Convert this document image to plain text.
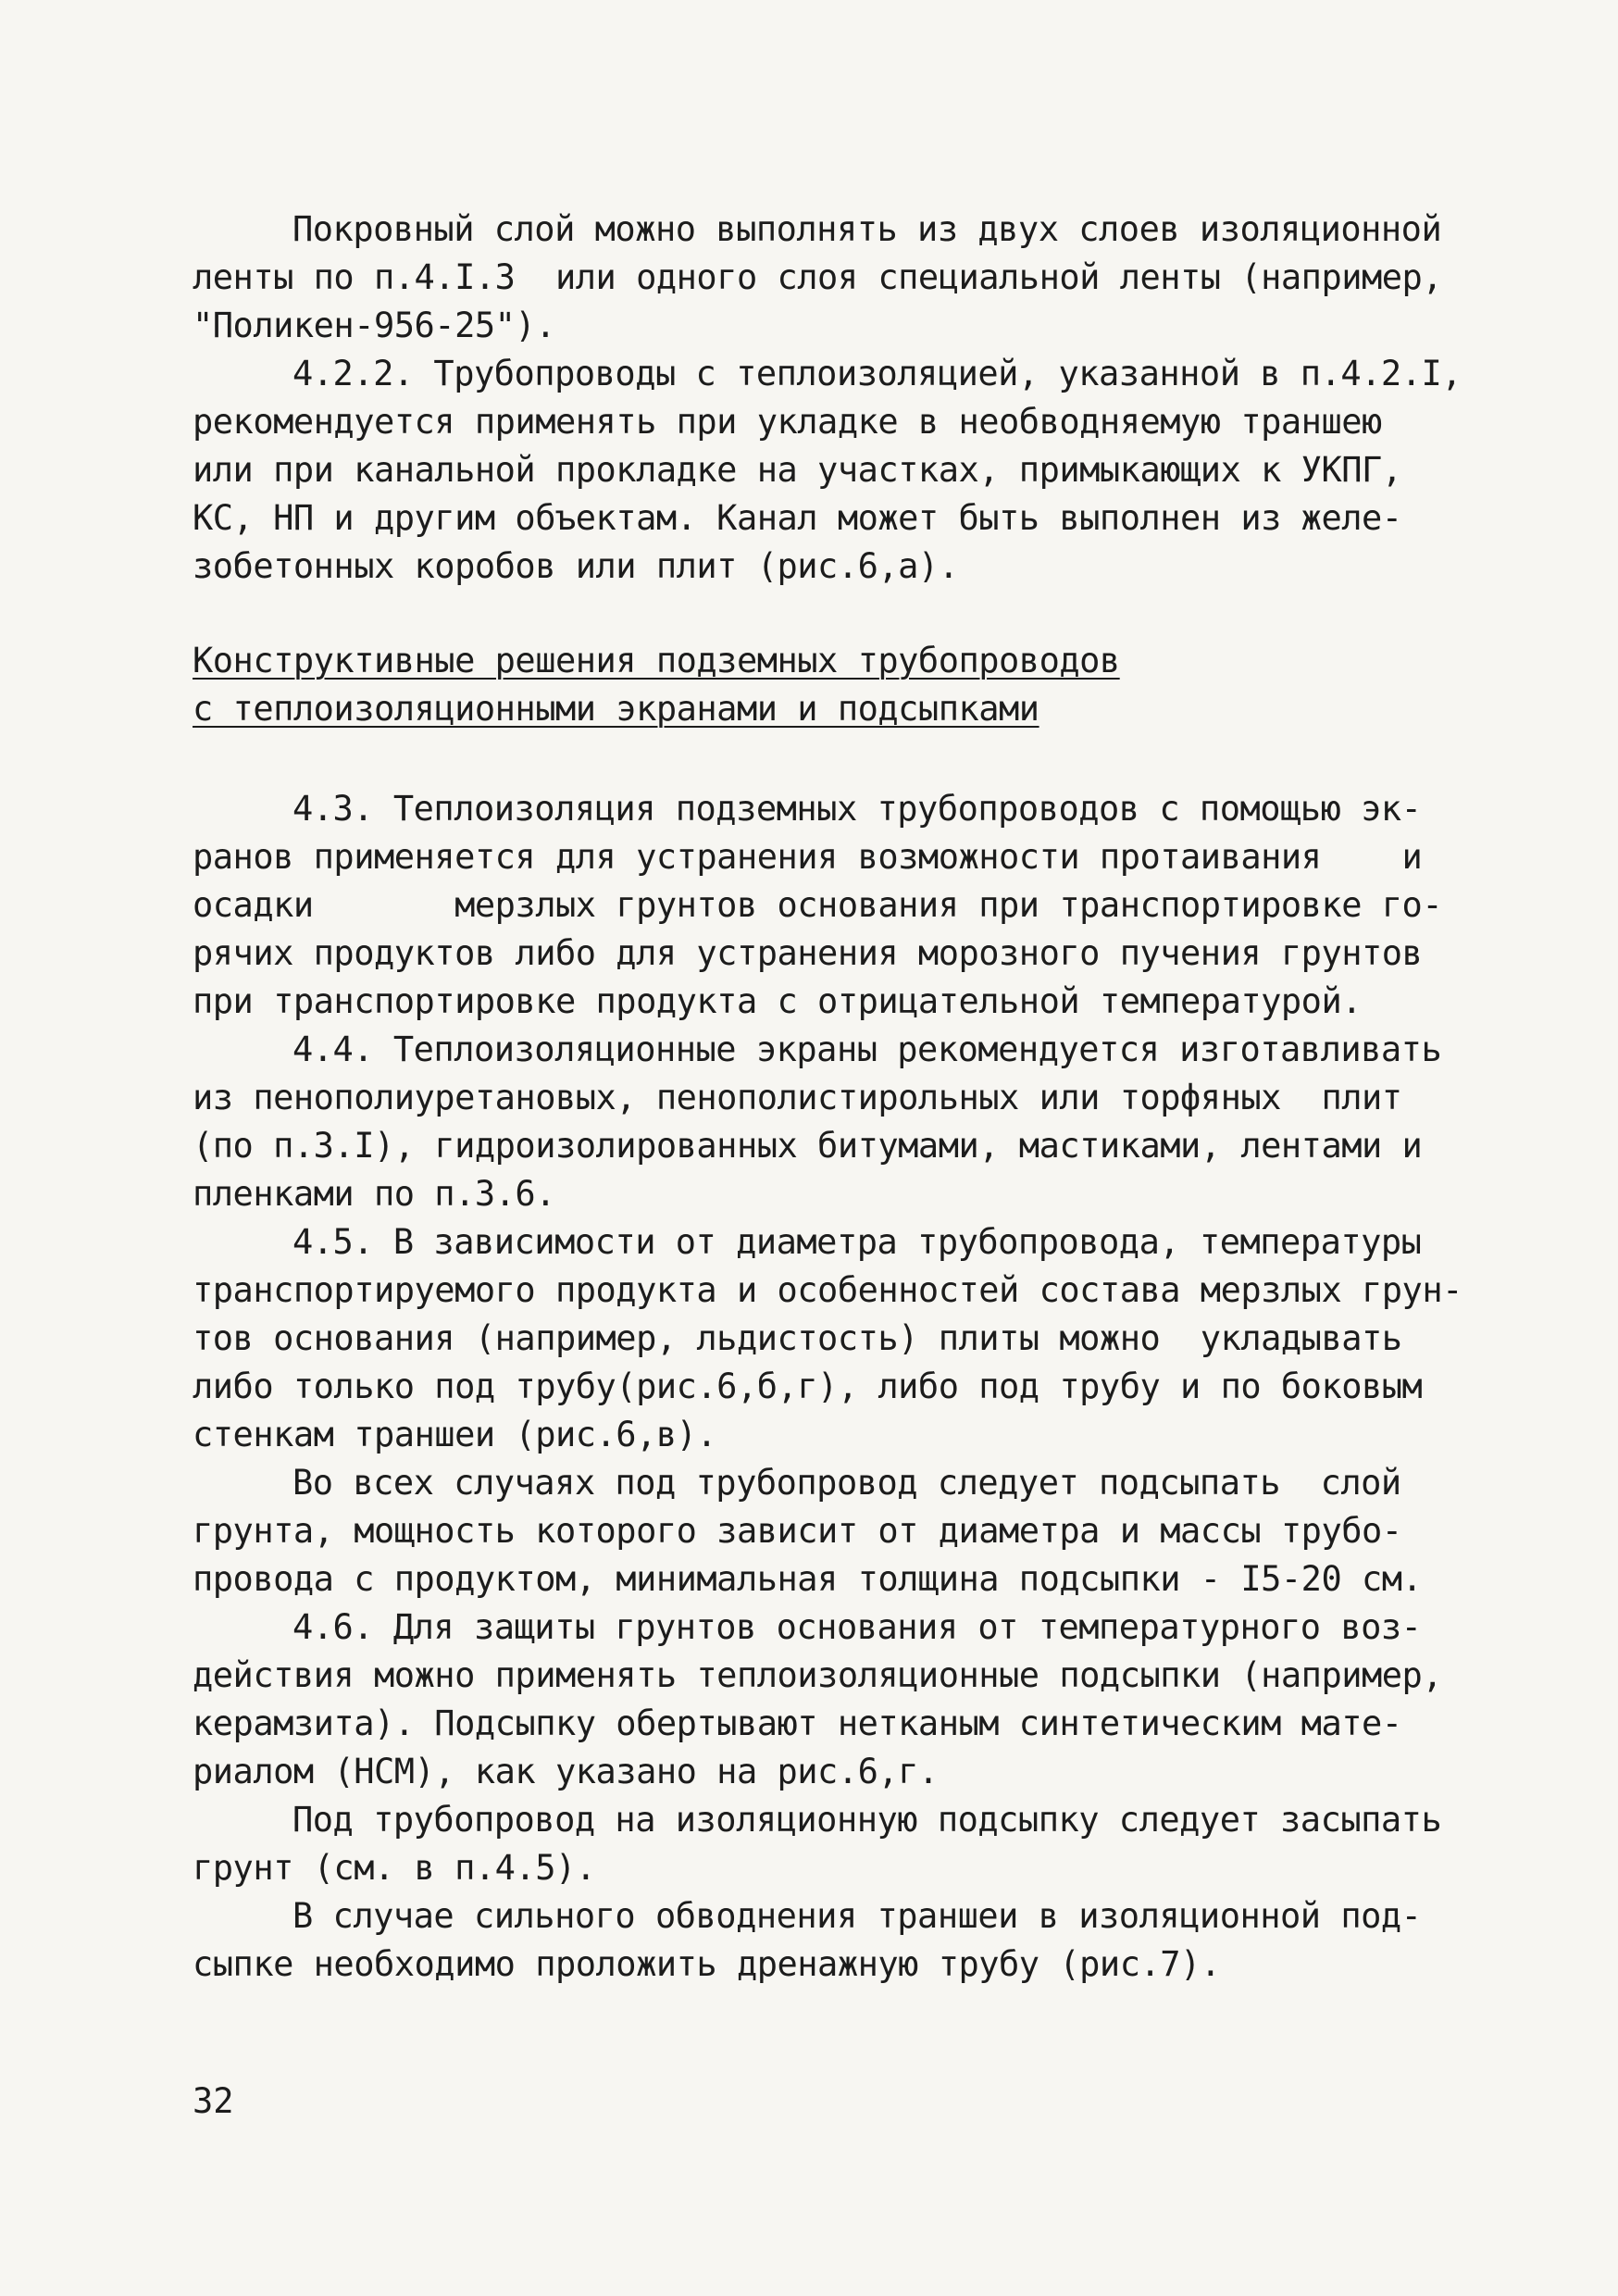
Покровный слой можно выполнять из двух слоев изоляционной
ленты по п.4.I.3  или одного слоя специальной ленты (например,
"Поликен-956-25").
4.2.2. Трубопроводы с теплоизоляцией, указанной в п.4.2.I,
рекомендуется применять при укладке в необводняемую траншею
или при канальной прокладке на участках, примыкающих к УКПГ,
КС, НП и другим объектам. Канал может быть выполнен из желе-
зобетонных коробов или плит (рис.6,а).
Конструктивные решения подземных трубопроводов
с теплоизоляционными экранами и подсыпками
4.3. Теплоизоляция подземных трубопроводов с помощью эк-
ранов применяется для устранения возможности протаивания    и
осадки       мерзлых грунтов основания при транспортировке го-
рячих продуктов либо для устранения морозного пучения грунтов
при транспортировке продукта с отрицательной температурой.
4.4. Теплоизоляционные экраны рекомендуется изготавливать
из пенополиуретановых, пенополистирольных или торфяных  плит
(по п.3.I), гидроизолированных битумами, мастиками, лентами и
пленками по п.3.6.
4.5. В зависимости от диаметра трубопровода, температуры
транспортируемого продукта и особенностей состава мерзлых грун-
тов основания (например, льдистость) плиты можно  укладывать
либо только под трубу(рис.6,б,г), либо под трубу и по боковым
стенкам траншеи (рис.6,в).
Во всех случаях под трубопровод следует подсыпать  слой
грунта, мощность которого зависит от диаметра и массы трубо-
провода с продуктом, минимальная толщина подсыпки - I5-20 см.
4.6. Для защиты грунтов основания от температурного воз-
действия можно применять теплоизоляционные подсыпки (например,
керамзита). Подсыпку обертывают нетканым синтетическим мате-
риалом (НСМ), как указано на рис.6,г.
Под трубопровод на изоляционную подсыпку следует засыпать
грунт (см. в п.4.5).
В случае сильного обводнения траншеи в изоляционной под-
сыпке необходимо проложить дренажную трубу (рис.7).
32
